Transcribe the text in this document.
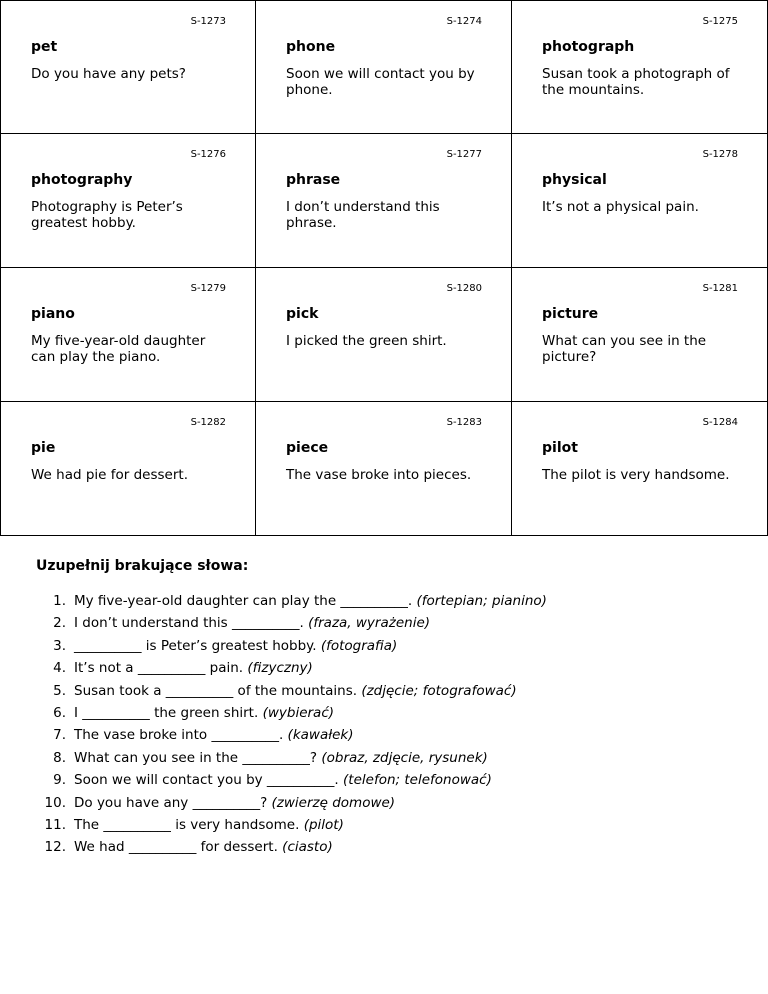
S-1273
pet
Do you have any pets?
S-1274
phone
Soon we will contact you by phone.
S-1275
photograph
Susan took a photograph of the mountains.
S-1276
photography
Photography is Peter’s greatest hobby.
S-1277
phrase
I don’t understand this phrase.
S-1278
physical
It’s not a physical pain.
S-1279
piano
My five-year-old daughter can play the piano.
S-1280
pick
I picked the green shirt.
S-1281
picture
What can you see in the picture?
S-1282
pie
We had pie for dessert.
S-1283
piece
The vase broke into pieces.
S-1284
pilot
The pilot is very handsome.
Uzupełnij brakujące słowa:
1. My five-year-old daughter can play the __________. (fortepian; pianino)
2. I don’t understand this __________. (fraza, wyrażenie)
3. __________ is Peter’s greatest hobby. (fotografia)
4. It’s not a __________ pain. (fizyczny)
5. Susan took a __________ of the mountains. (zdjęcie; fotografować)
6. I __________ the green shirt. (wybierać)
7. The vase broke into __________. (kawałek)
8. What can you see in the __________? (obraz, zdjęcie, rysunek)
9. Soon we will contact you by __________. (telefon; telefonować)
10. Do you have any __________? (zwierzę domowe)
11. The __________ is very handsome. (pilot)
12. We had __________ for dessert. (ciasto)
